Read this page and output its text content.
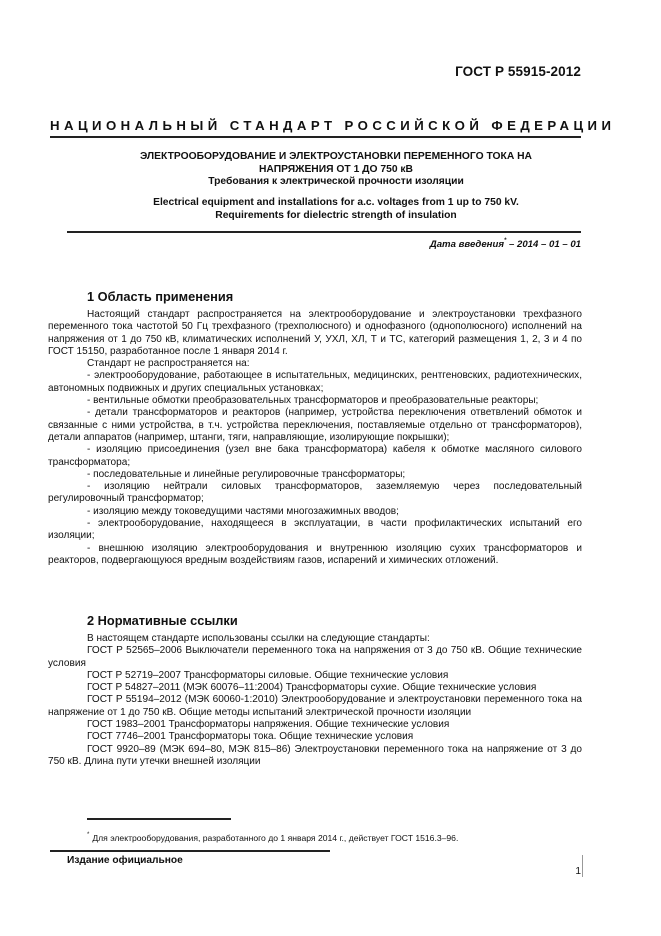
ГОСТ Р 55915-2012
НАЦИОНАЛЬНЫЙ СТАНДАРТ РОССИЙСКОЙ ФЕДЕРАЦИИ
ЭЛЕКТРООБОРУДОВАНИЕ И ЭЛЕКТРОУСТАНОВКИ ПЕРЕМЕННОГО ТОКА НА
НАПРЯЖЕНИЯ ОТ 1 ДО 750 кВ
Требования к электрической прочности изоляции
Electrical equipment and installations for a.c. voltages from 1 up to 750 kV.
Requirements for dielectric strength of insulation
Дата введения* – 2014 – 01 – 01

1 Область применения

Настоящий стандарт распространяется на электрооборудование и электроустановки трехфазного переменного тока частотой 50 Гц трехфазного (трехполюсного) и однофазного (однополюсного) исполнений на напряжения от 1 до 750 кВ, климатических исполнений У, УХЛ, ХЛ, Т и ТС, категорий размещения 1, 2, 3 и 4 по ГОСТ 15150, разработанное после 1 января 2014 г.

Стандарт не распространяется на:

- электрооборудование, работающее в испытательных, медицинских, рентгеновских, радиотехнических, автономных подвижных и других специальных установках;

- вентильные обмотки преобразовательных трансформаторов и преобразовательные реакторы;

- детали трансформаторов и реакторов (например, устройства переключения ответвлений обмоток и связанные с ними устройства, в т.ч. устройства переключения, поставляемые отдельно от трансформаторов), детали аппаратов (например, штанги, тяги, направляющие, изолирующие покрышки);

- изоляцию присоединения (узел вне бака трансформатора) кабеля к обмотке масляного силового трансформатора;

- последовательные и линейные регулировочные трансформаторы;

- изоляцию нейтрали силовых трансформаторов, заземляемую через последовательный регулировочный трансформатор;

- изоляцию между токоведущими частями многозажимных вводов;

- электрооборудование, находящееся в эксплуатации, в части профилактических испытаний его изоляции;

- внешнюю изоляцию электрооборудования и внутреннюю изоляцию сухих трансформаторов и реакторов, подвергающуюся вредным воздействиям газов, испарений и химических отложений.

2 Нормативные ссылки

В настоящем стандарте использованы ссылки на следующие стандарты:

ГОСТ Р 52565–2006 Выключатели переменного тока на напряжения от 3 до 750 кВ. Общие технические условия

ГОСТ Р 52719–2007 Трансформаторы силовые. Общие технические условия

ГОСТ Р 54827–2011 (МЭК 60076–11:2004) Трансформаторы сухие. Общие технические условия

ГОСТ Р 55194–2012 (МЭК 60060-1:2010) Электрооборудование и электроустановки переменного тока на напряжение от 1 до 750 кВ. Общие методы испытаний электрической прочности изоляции

ГОСТ 1983–2001 Трансформаторы напряжения. Общие технические условия

ГОСТ 7746–2001 Трансформаторы тока. Общие технические условия

ГОСТ 9920–89 (МЭК 694–80, МЭК 815–86) Электроустановки переменного тока на напряжение от 3 до 750 кВ. Длина пути утечки внешней изоляции

* Для электрооборудования, разработанного до 1 января 2014 г., действует ГОСТ 1516.3–96.
Издание официальное
1
